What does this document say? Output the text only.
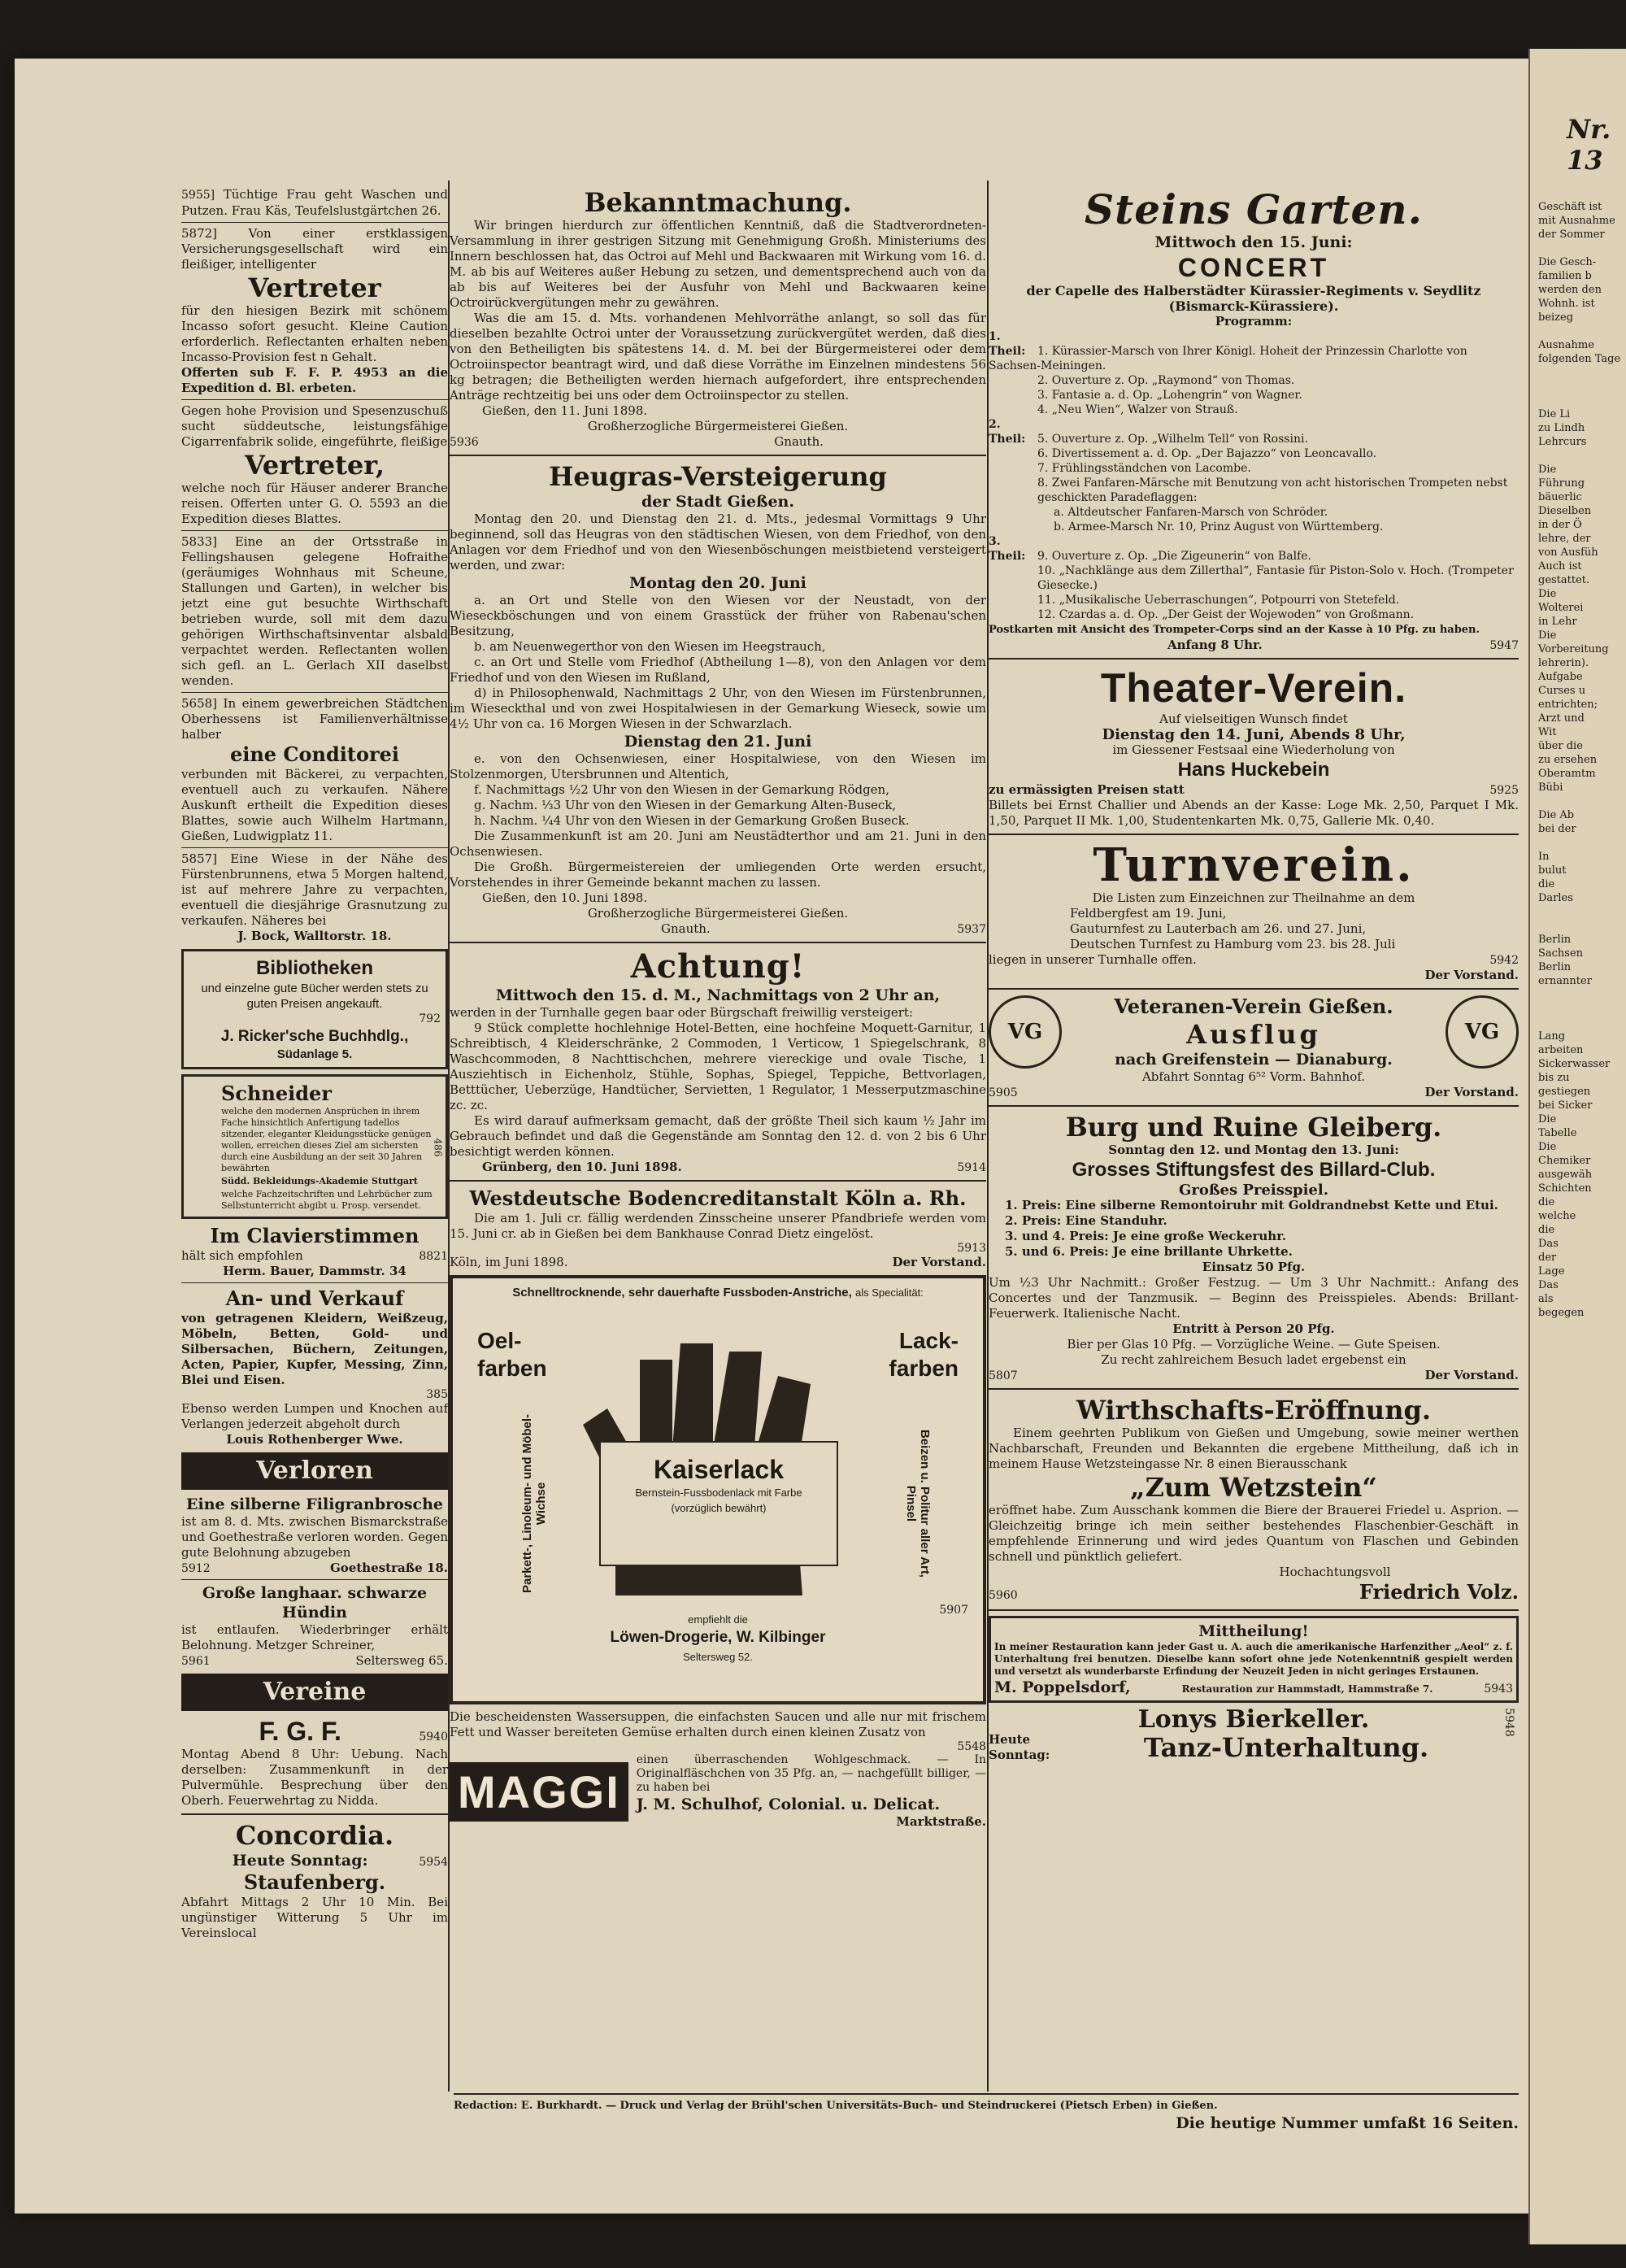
5955] Tüchtige Frau geht Waschen und Putzen. Frau Käs, Teufelslustgärtchen 26.

5872] Von einer erstklassigen Versicherungsgesellschaft wird ein fleißiger, intelligenter

Vertreter

für den hiesigen Bezirk mit schönem Incasso sofort gesucht. Kleine Caution erforderlich. Reflectanten erhalten neben Incasso-Provision fest n Gehalt.

Offerten sub F. F. P. 4953 an die Expedition d. Bl. erbeten.

Gegen hohe Provision und Spesenzuschuß sucht süddeutsche, leistungsfähige Cigarrenfabrik solide, eingeführte, fleißige

Vertreter,

welche noch für Häuser anderer Branche reisen. Offerten unter G. O. 5593 an die Expedition dieses Blattes.

5833] Eine an der Ortsstraße in Fellingshausen gelegene Hofraithe (geräumiges Wohnhaus mit Scheune, Stallungen und Garten), in welcher bis jetzt eine gut besuchte Wirthschaft betrieben wurde, soll mit dem dazu gehörigen Wirthschaftsinventar alsbald verpachtet werden. Reflectanten wollen sich gefl. an L. Gerlach XII daselbst wenden.

5658] In einem gewerbreichen Städtchen Oberhessens ist Familienverhältnisse halber

eine Conditorei

verbunden mit Bäckerei, zu verpachten, eventuell auch zu verkaufen. Nähere Auskunft ertheilt die Expedition dieses Blattes, sowie auch Wilhelm Hartmann, Gießen, Ludwigplatz 11.

5857] Eine Wiese in der Nähe des Fürstenbrunnens, etwa 5 Morgen haltend, ist auf mehrere Jahre zu verpachten, eventuell die diesjährige Grasnutzung zu verkaufen. Näheres bei

J. Bock, Walltorstr. 18.

Bibliotheken

und einzelne gute Bücher werden stets zu guten Preisen angekauft.

792

J. Ricker'sche Buchhdlg.,

Südanlage 5.

Schneider

welche den modernen Ansprüchen in ihrem Fache hinsichtlich Anfertigung tadellos sitzender, eleganter Kleidungsstücke genügen wollen, erreichen dieses Ziel am sichersten durch eine Ausbildung an der seit 30 Jahren bewährten

Südd. Bekleidungs-Akademie Stuttgart

welche Fachzeitschriften und Lehrbücher zum Selbstunterricht abgibt u. Prosp. versendet.

486

Im Clavierstimmen

hält sich empfohlen	8821

Herm. Bauer, Dammstr. 34

An- und Verkauf

von getragenen Kleidern, Weißzeug, Möbeln, Betten, Gold- und Silbersachen, Büchern, Zeitungen, Acten, Papier, Kupfer, Messing, Zinn, Blei und Eisen.

385

Ebenso werden Lumpen und Knochen auf Verlangen jederzeit abgeholt durch

Louis Rothenberger Wwe.

Verloren

Eine silberne Filigranbrosche

ist am 8. d. Mts. zwischen Bismarckstraße und Goethestraße verloren worden. Gegen gute Belohnung abzugeben

5912	Goethestraße 18.

Große langhaar. schwarze Hündin

ist entlaufen. Wiederbringer erhält Belohnung. Metzger Schreiner,

5961	Seltersweg 65.
Vereine
F. G. F.	5940

Montag Abend 8 Uhr: Uebung. Nach derselben: Zusammenkunft in der Pulvermühle. Besprechung über den Oberh. Feuerwehrtag zu Nidda.

Concordia.

Heute Sonntag:	5954

Staufenberg.

Abfahrt Mittags 2 Uhr 10 Min. Bei ungünstiger Witterung 5 Uhr im Vereinslocal

Bekanntmachung.

Wir bringen hierdurch zur öffentlichen Kenntniß, daß die Stadtverordneten-Versammlung in ihrer gestrigen Sitzung mit Genehmigung Großh. Ministeriums des Innern beschlossen hat, das Octroi auf Mehl und Backwaaren mit Wirkung vom 16. d. M. ab bis auf Weiteres außer Hebung zu setzen, und dementsprechend auch von da ab bis auf Weiteres bei der Ausfuhr von Mehl und Backwaaren keine Octroirückvergütungen mehr zu gewähren.

Was die am 15. d. Mts. vorhandenen Mehlvorräthe anlangt, so soll das für dieselben bezahlte Octroi unter der Voraussetzung zurückvergütet werden, daß dies von den Betheiligten bis spätestens 14. d. M. bei der Bürgermeisterei oder dem Octroiinspector beantragt wird, und daß diese Vorräthe im Einzelnen mindestens 56 kg betragen; die Betheiligten werden hiernach aufgefordert, ihre entsprechenden Anträge rechtzeitig bei uns oder dem Octroiinspector zu stellen.

Gießen, den 11. Juni 1898.

Großherzogliche Bürgermeisterei Gießen.

5936	Gnauth.

Heugras-Versteigerung

der Stadt Gießen.

Montag den 20. und Dienstag den 21. d. Mts., jedesmal Vormittags 9 Uhr beginnend, soll das Heugras von den städtischen Wiesen, von dem Friedhof, von den Anlagen vor dem Friedhof und von den Wiesenböschungen meistbietend versteigert werden, und zwar:

Montag den 20. Juni

a. an Ort und Stelle von den Wiesen vor der Neustadt, von der Wieseckböschungen und von einem Grasstück der früher von Rabenau'schen Besitzung,

b. am Neuenwegerthor von den Wiesen im Heegstrauch,

c. an Ort und Stelle vom Friedhof (Abtheilung 1—8), von den Anlagen vor dem Friedhof und von den Wiesen im Rußland,

d) in Philosophenwald, Nachmittags 2 Uhr, von den Wiesen im Fürstenbrunnen, im Wieseckthal und von zwei Hospitalwiesen in der Gemarkung Wieseck, sowie um 4½ Uhr von ca. 16 Morgen Wiesen in der Schwarzlach.

Dienstag den 21. Juni

e. von den Ochsenwiesen, einer Hospitalwiese, von den Wiesen im Stolzenmorgen, Utersbrunnen und Altentich,

f. Nachmittags ½2 Uhr von den Wiesen in der Gemarkung Rödgen,

g. Nachm. ⅓3 Uhr von den Wiesen in der Gemarkung Alten-Buseck,

h. Nachm. ¼4 Uhr von den Wiesen in der Gemarkung Großen Buseck.

Die Zusammenkunft ist am 20. Juni am Neustädterthor und am 21. Juni in den Ochsenwiesen.

Die Großh. Bürgermeistereien der umliegenden Orte werden ersucht, Vorstehendes in ihrer Gemeinde bekannt machen zu lassen.

Gießen, den 10. Juni 1898.

Großherzogliche Bürgermeisterei Gießen.

Gnauth.	5937

Achtung!

Mittwoch den 15. d. M., Nachmittags von 2 Uhr an,

werden in der Turnhalle gegen baar oder Bürgschaft freiwillig versteigert:

9 Stück complette hochlehnige Hotel-Betten, eine hochfeine Moquett-Garnitur, 1 Schreibtisch, 4 Kleiderschränke, 2 Commoden, 1 Verticow, 1 Spiegelschrank, 8 Waschcommoden, 8 Nachttischchen, mehrere viereckige und ovale Tische, 1 Ausziehtisch in Eichenholz, Stühle, Sophas, Spiegel, Teppiche, Bettvorlagen, Betttücher, Ueberzüge, Handtücher, Servietten, 1 Regulator, 1 Messerputzmaschine zc. zc.

Es wird darauf aufmerksam gemacht, daß der größte Theil sich kaum ½ Jahr im Gebrauch befindet und daß die Gegenstände am Sonntag den 12. d. von 2 bis 6 Uhr besichtigt werden können.

Grünberg, den 10. Juni 1898.	5914

Westdeutsche Bodencreditanstalt Köln a. Rh.

Die am 1. Juli cr. fällig werdenden Zinsscheine unserer Pfandbriefe werden vom 15. Juni cr. ab in Gießen bei dem Bankhause Conrad Dietz eingelöst.

5913

Köln, im Juni 1898.	Der Vorstand.

Schnelltrocknende, sehr dauerhafte Fussboden-Anstriche, als Specialität:

Oel-farben

Lack-farben

Kaiserlack

Bernstein-Fussbodenlack mit Farbe

(vorzüglich bewährt)

Parkett-, Linoleum- und Möbel-Wichse	Beizen u. Politur aller Art, Pinsel

empfiehlt die

Löwen-Drogerie, W. Kilbinger

Seltersweg 52.

5907

Die bescheidensten Wassersuppen, die einfachsten Saucen und alle nur mit frischem Fett und Wasser bereiteten Gemüse erhalten durch einen kleinen Zusatz von

5548

MAGGI

einen überraschenden Wohlgeschmack. — In Originalfläschchen von 35 Pfg. an, — nachgefüllt billiger, — zu haben bei

J. M. Schulhof, Colonial. u. Delicat.

Marktstraße.

Steins Garten.

Mittwoch den 15. Juni:

CONCERT

der Capelle des Halberstädter Kürassier-Regiments v. Seydlitz (Bismarck-Kürassiere).

Programm:

1. Theil: 1. Kürassier-Marsch von Ihrer Königl. Hoheit der Prinzessin Charlotte von Sachsen-Meiningen.

2. Ouverture z. Op. „Raymond“ von Thomas.

3. Fantasie a. d. Op. „Lohengrin“ von Wagner.

4. „Neu Wien“, Walzer von Strauß.

2. Theil: 5. Ouverture z. Op. „Wilhelm Tell“ von Rossini.

6. Divertissement a. d. Op. „Der Bajazzo“ von Leoncavallo.

7. Frühlingsständchen von Lacombe.

8. Zwei Fanfaren-Märsche mit Benutzung von acht historischen Trompeten nebst geschickten Paradeflaggen:

a. Altdeutscher Fanfaren-Marsch von Schröder.

b. Armee-Marsch Nr. 10, Prinz August von Württemberg.

3. Theil: 9. Ouverture z. Op. „Die Zigeunerin“ von Balfe.

10. „Nachklänge aus dem Zillerthal“, Fantasie für Piston-Solo v. Hoch. (Trompeter Giesecke.)

11. „Musikalische Ueberraschungen“, Potpourri von Stetefeld.

12. Czardas a. d. Op. „Der Geist der Wojewoden“ von Großmann.

Postkarten mit Ansicht des Trompeter-Corps sind an der Kasse à 10 Pfg. zu haben.

Anfang 8 Uhr.	5947

Theater-Verein.

Auf vielseitigen Wunsch findet

Dienstag den 14. Juni, Abends 8 Uhr,

im Giessener Festsaal eine Wiederholung von

Hans Huckebein

zu ermässigten Preisen statt	5925

Billets bei Ernst Challier und Abends an der Kasse: Loge Mk. 2,50, Parquet I Mk. 1,50, Parquet II Mk. 1,00, Studentenkarten Mk. 0,75, Gallerie Mk. 0,40.

Turnverein.

Die Listen zum Einzeichnen zur Theilnahme an dem

Feldbergfest am 19. Juni,

Gauturnfest zu Lauterbach am 26. und 27. Juni,

Deutschen Turnfest zu Hamburg vom 23. bis 28. Juli

liegen in unserer Turnhalle offen.	5942

Der Vorstand.

VG

Veteranen-Verein Gießen.

Ausflug

nach Greifenstein — Dianaburg.

VG

Abfahrt Sonntag 6⁵² Vorm. Bahnhof.

5905	Der Vorstand.

Burg und Ruine Gleiberg.

Sonntag den 12. und Montag den 13. Juni:

Grosses Stiftungsfest des Billard-Club.

Großes Preisspiel.

1. Preis: Eine silberne Remontoiruhr mit Goldrandnebst Kette und Etui.

2. Preis: Eine Standuhr.

3. und 4. Preis: Je eine große Weckeruhr.

5. und 6. Preis: Je eine brillante Uhrkette.

Einsatz 50 Pfg.

Um ½3 Uhr Nachmitt.: Großer Festzug. — Um 3 Uhr Nachmitt.: Anfang des Concertes und der Tanzmusik. — Beginn des Preisspieles. Abends: Brillant-Feuerwerk. Italienische Nacht.

Entritt à Person 20 Pfg.

Bier per Glas 10 Pfg. — Vorzügliche Weine. — Gute Speisen.

Zu recht zahlreichem Besuch ladet ergebenst ein

5807	Der Vorstand.

Wirthschafts-Eröffnung.

Einem geehrten Publikum von Gießen und Umgebung, sowie meiner werthen Nachbarschaft, Freunden und Bekannten die ergebene Mittheilung, daß ich in meinem Hause Wetzsteingasse Nr. 8 einen Bierausschank

„Zum Wetzstein“

eröffnet habe. Zum Ausschank kommen die Biere der Brauerei Friedel u. Asprion. — Gleichzeitig bringe ich mein seither bestehendes Flaschenbier-Geschäft in empfehlende Erinnerung und wird jedes Quantum von Flaschen und Gebinden schnell und pünktlich geliefert.

Hochachtungsvoll

5960	Friedrich Volz.

Mittheilung!

In meiner Restauration kann jeder Gast u. A. auch die amerikanische Harfenzither „Aeol“ z. f. Unterhaltung frei benutzen. Dieselbe kann sofort ohne jede Notenkenntniß gespielt werden und versetzt als wunderbarste Erfindung der Neuzeit Jeden in nicht geringes Erstaunen.

M. Poppelsdorf,	Restauration zur Hammstadt, Hammstraße 7.	5943

Lonys Bierkeller.

Heute Sonntag:	Tanz-Unterhaltung.
5948

Redaction: E. Burkhardt. — Druck und Verlag der Brühl'schen Universitäts-Buch- und Steindruckerei (Pietsch Erben) in Gießen.

Die heutige Nummer umfaßt 16 Seiten.

Nr. 13

Geschäft ist

mit Ausnahme

der Sommer

Die Gesch-

familien b

werden den

Wohnh. ist

beizeg

Ausnahme

folgenden Tage

Die Li

zu Lindh

Lehrcurs

Die

Führung

bäuerlic

Dieselben

in der Ö

lehre, der

von Ausfüh

Auch ist

gestattet.

Die

Wolterei

in Lehr

Die

Vorbereitung

lehrerin).

Aufgabe

Curses u

entrichten;

Arzt und

Wit

über die

zu ersehen

Oberamtm

Bübi

Die Ab

bei der

In

bulut

die

Darles

Berlin

Sachsen

Berlin

ernannter

Lang

arbeiten

Sickerwasser

bis zu

gestiegen

bei Sicker

Die

Tabelle

Die

Chemiker

ausgewäh

Schichten

die

welche

die

Das

der

Lage

Das

als

begegen
